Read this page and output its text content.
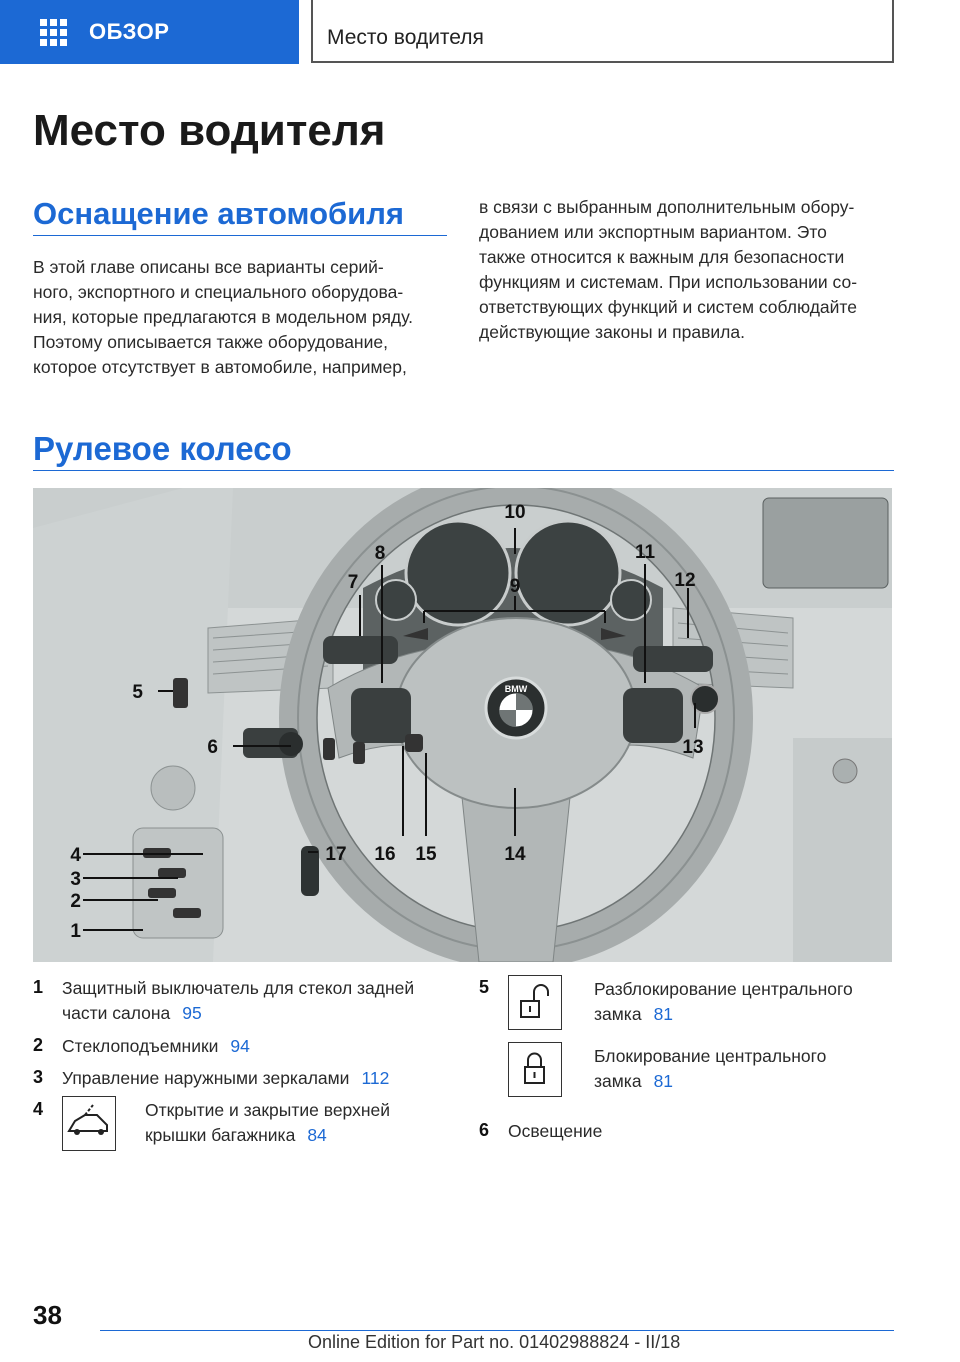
ОБЗОР	Место водителя
Место водителя
Оснащение автомобиля

В этой главе описаны все варианты серий-
ного, экспортного и специального оборудова-
ния, которые предлагаются в модельном ряду.
Поэтому описывается также оборудование,
которое отсутствует в автомобиле, например,

в связи с выбранным дополнительным обору-
дованием или экспортным вариантом. Это
также относится к важным для безопасности
функциям и системам. При использовании со-
ответствующих функций и систем соблюдайте
действующие законы и правила.

Рулевое колесо
BMW
1
2
3
4
5
6
7
8
9
10
11
12
13
14
15
16
17
1 Защитный выключатель для стекол задней
части салона 95
2 Стеклоподъемники 94
3 Управление наружными зеркалами 112
4	Открытие и закрытие верхней
крышки багажника 84
5	Разблокирование центрального
замка 81
Блокирование центрального
замка 81
6 Освещение
38
Online Edition for Part no. 01402988824 - II/18
